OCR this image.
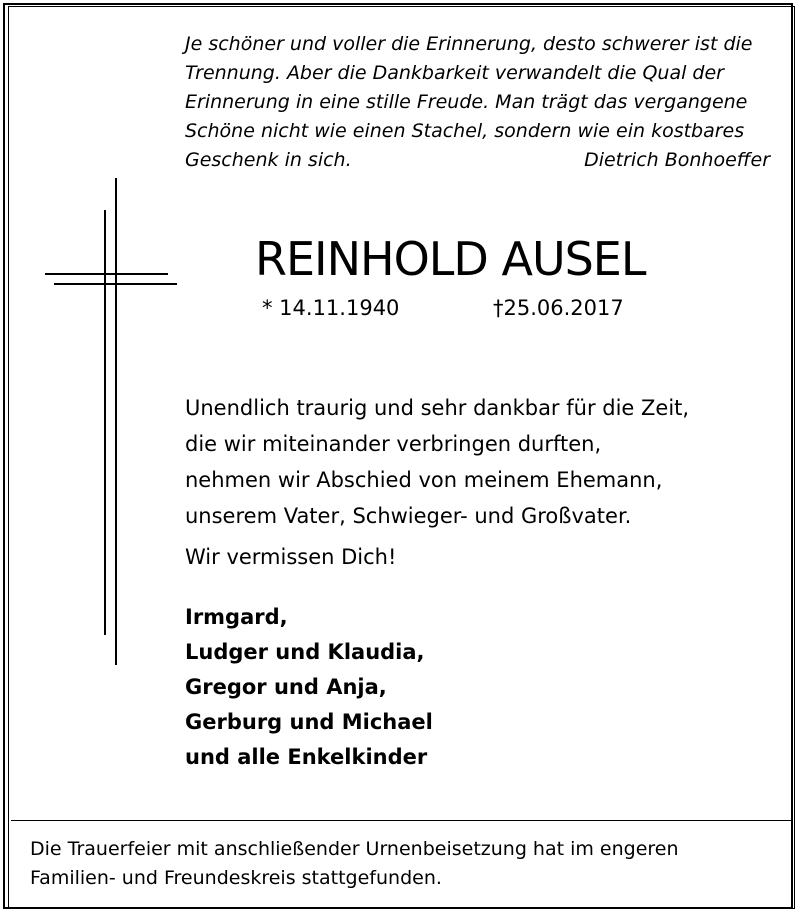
Je schöner und voller die Erinnerung, desto schwerer ist die
Trennung. Aber die Dankbarkeit verwandelt die Qual der
Erinnerung in eine stille Freude. Man trägt das vergangene
Schöne nicht wie einen Stachel, sondern wie ein kostbares
Geschenk in sich.	Dietrich Bonhoeffer
REINHOLD AUSEL
* 14.11.1940	†25.06.2017
Unendlich traurig und sehr dankbar für die Zeit,
die wir miteinander verbringen durften,
nehmen wir Abschied von meinem Ehemann,
unserem Vater, Schwieger- und Großvater.
Wir vermissen Dich!
Irmgard,
Ludger und Klaudia,
Gregor und Anja,
Gerburg und Michael
und alle Enkelkinder
Die Trauerfeier mit anschließender Urnenbeisetzung hat im engeren
Familien- und Freundeskreis stattgefunden.
